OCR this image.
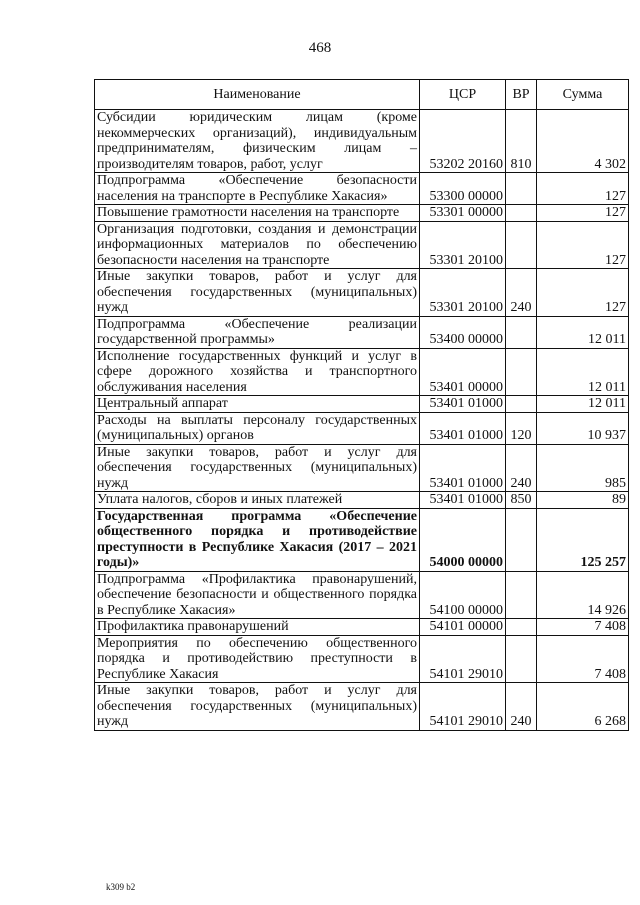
468
Наименование	ЦСР	ВР	Сумма
Субсидии юридическим лицам (кроме некоммерческих организаций), индивидуальным предпринимателям, физическим лицам – производителям товаров, работ, услуг	53202 20160	810	4 302
Подпрограмма «Обеспечение безопасности населения на транспорте в Республике Хакасия»	53300 00000		127
Повышение грамотности населения на транспорте	53301 00000		127
Организация подготовки, создания и демонстрации информационных материалов по обеспечению безопасности населения на транспорте	53301 20100		127
Иные закупки товаров, работ и услуг для обеспечения государственных (муниципальных) нужд	53301 20100	240	127
Подпрограмма «Обеспечение реализации государственной программы»	53400 00000		12 011
Исполнение государственных функций и услуг в сфере дорожного хозяйства и транспортного обслуживания населения	53401 00000		12 011
Центральный аппарат	53401 01000		12 011
Расходы на выплаты персоналу государственных (муниципальных) органов	53401 01000	120	10 937
Иные закупки товаров, работ и услуг для обеспечения государственных (муниципальных) нужд	53401 01000	240	985
Уплата налогов, сборов и иных платежей	53401 01000	850	89
Государственная программа «Обеспечение общественного порядка и противодействие преступности в Республике Хакасия (2017 – 2021 годы)»	54000 00000		125 257
Подпрограмма «Профилактика правонарушений, обеспечение безопасности и общественного порядка в Республике Хакасия»	54100 00000		14 926
Профилактика правонарушений	54101 00000		7 408
Мероприятия по обеспечению общественного порядка и противодействию преступности в Республике Хакасия	54101 29010		7 408
Иные закупки товаров, работ и услуг для обеспечения государственных (муниципальных) нужд	54101 29010	240	6 268
k309 b2
